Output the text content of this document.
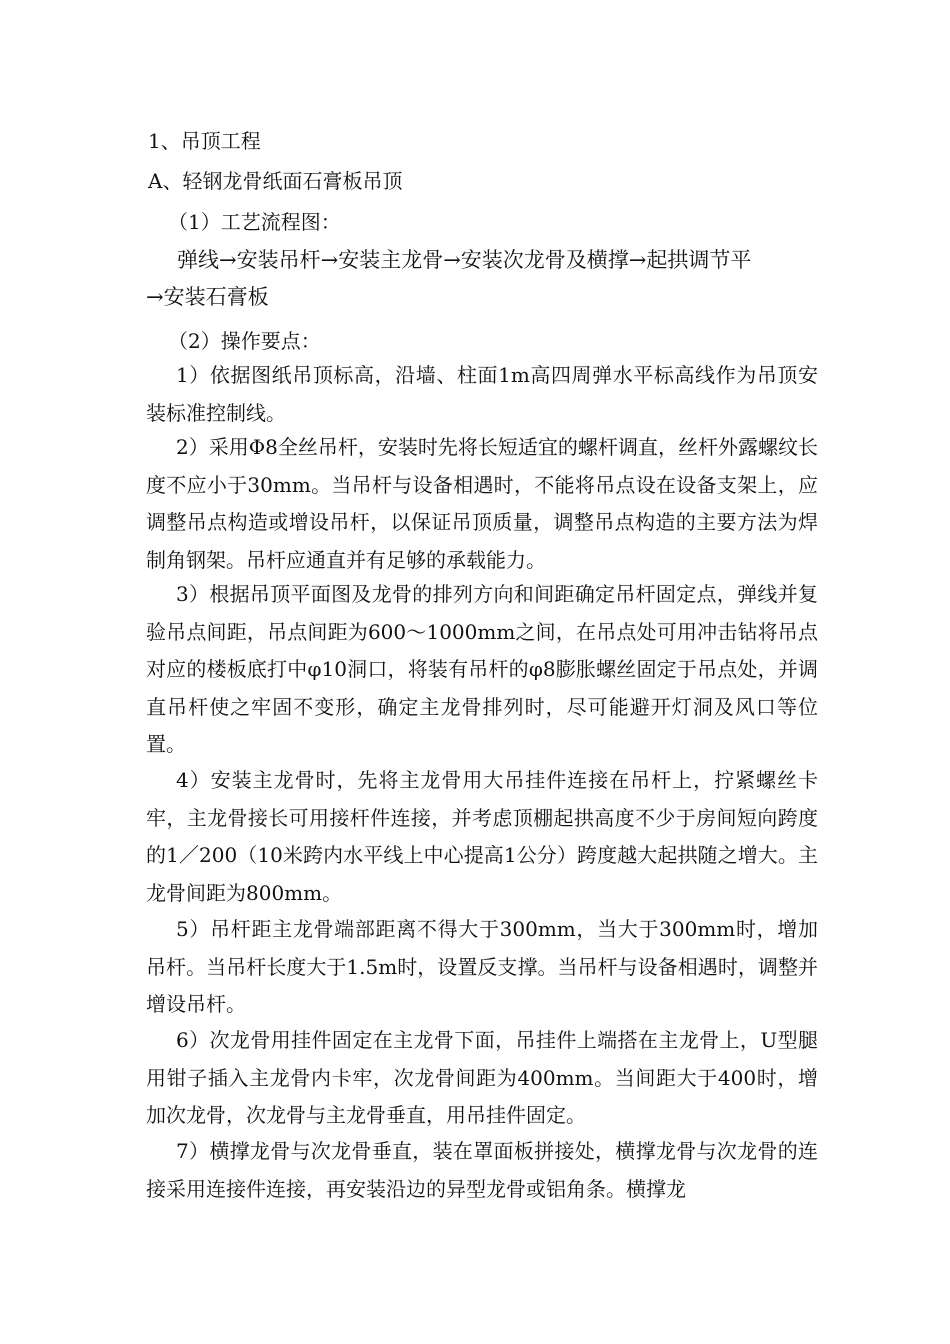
1、吊顶工程
A、轻钢龙骨纸面石膏板吊顶
（1）工艺流程图：
弹线→安装吊杆→安装主龙骨→安装次龙骨及横撑→起拱调节平
→安装石膏板
（2）操作要点：

1）依据图纸吊顶标高，沿墙、柱面1m高四周弹水平标高线作为吊顶安装标准控制线。

2）采用Φ8全丝吊杆，安装时先将长短适宜的螺杆调直，丝杆外露螺纹长度不应小于30mm。当吊杆与设备相遇时，不能将吊点设在设备支架上，应调整吊点构造或增设吊杆，以保证吊顶质量，调整吊点构造的主要方法为焊制角钢架。吊杆应通直并有足够的承载能力。

3）根据吊顶平面图及龙骨的排列方向和间距确定吊杆固定点，弹线并复验吊点间距，吊点间距为600～1000mm之间，在吊点处可用冲击钻将吊点对应的楼板底打中φ10洞口，将装有吊杆的φ8膨胀螺丝固定于吊点处，并调直吊杆使之牢固不变形，确定主龙骨排列时，尽可能避开灯洞及风口等位置。

4）安装主龙骨时，先将主龙骨用大吊挂件连接在吊杆上，拧紧螺丝卡牢，主龙骨接长可用接杆件连接，并考虑顶棚起拱高度不少于房间短向跨度的1／200（10米跨内水平线上中心提高1公分）跨度越大起拱随之增大。主龙骨间距为800mm。

5）吊杆距主龙骨端部距离不得大于300mm，当大于300mm时，增加吊杆。当吊杆长度大于1.5m时，设置反支撑。当吊杆与设备相遇时，调整并增设吊杆。

6）次龙骨用挂件固定在主龙骨下面，吊挂件上端搭在主龙骨上，U型腿用钳子插入主龙骨内卡牢，次龙骨间距为400mm。当间距大于400时，增加次龙骨，次龙骨与主龙骨垂直，用吊挂件固定。

7）横撑龙骨与次龙骨垂直，装在罩面板拼接处，横撑龙骨与次龙骨的连接采用连接件连接，再安装沿边的异型龙骨或铝角条。横撑龙
